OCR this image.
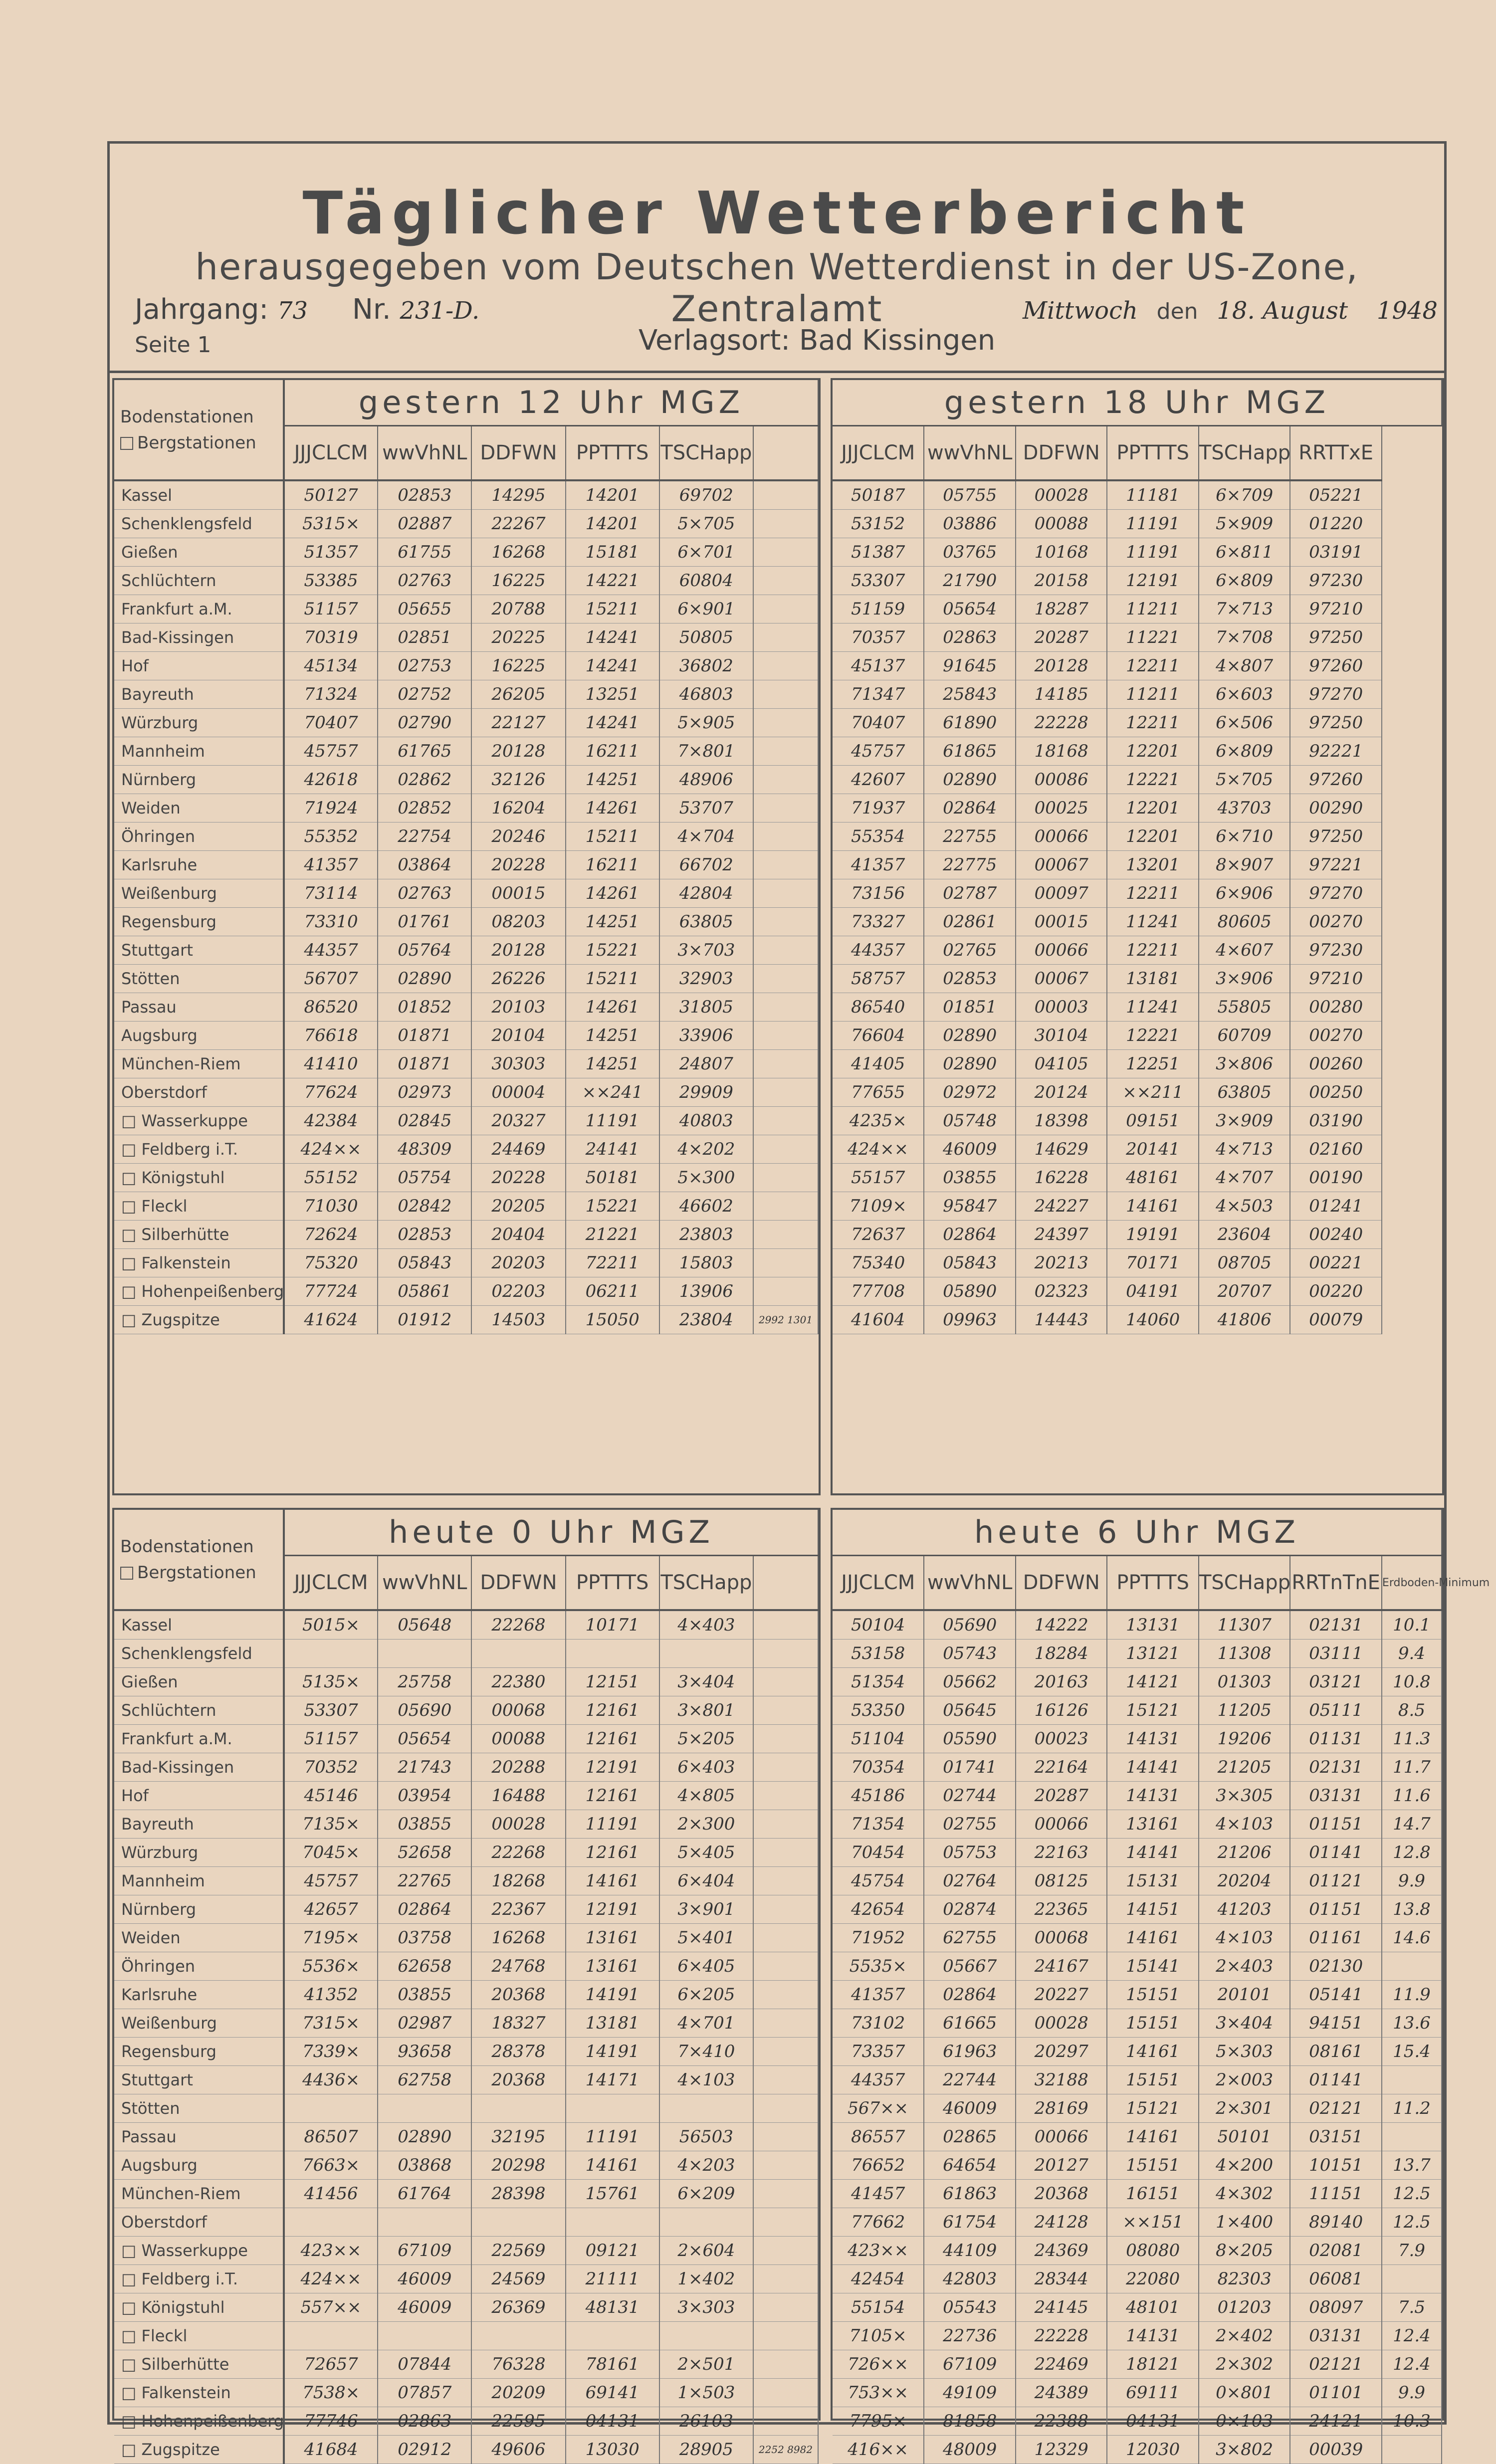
Täglicher Wetterbericht
herausgegeben vom Deutschen Wetterdienst in der US-Zone, Zentralamt
Jahrgang: 73 Nr. 231-D.	Mittwoch den 18. August 1948
Seite 1	Verlagsort: Bad Kissingen
Bodenstationen
Bergstationen	gestern 12 Uhr MGZ					
	JJJCLCM	wwVhNL	DDFWN	PPTTTS	TSCHapp	
Kassel	50127	02853	14295	14201	69702	
Schenklengsfeld	5315×	02887	22267	14201	5×705	
Gießen	51357	61755	16268	15181	6×701	
Schlüchtern	53385	02763	16225	14221	60804	
Frankfurt a.M.	51157	05655	20788	15211	6×901	
Bad-Kissingen	70319	02851	20225	14241	50805	
Hof	45134	02753	16225	14241	36802	
Bayreuth	71324	02752	26205	13251	46803	
Würzburg	70407	02790	22127	14241	5×905	
Mannheim	45757	61765	20128	16211	7×801	
Nürnberg	42618	02862	32126	14251	48906	
Weiden	71924	02852	16204	14261	53707	
Öhringen	55352	22754	20246	15211	4×704	
Karlsruhe	41357	03864	20228	16211	66702	
Weißenburg	73114	02763	00015	14261	42804	
Regensburg	73310	01761	08203	14251	63805	
Stuttgart	44357	05764	20128	15221	3×703	
Stötten	56707	02890	26226	15211	32903	
Passau	86520	01852	20103	14261	31805	
Augsburg	76618	01871	20104	14251	33906	
München-Riem	41410	01871	30303	14251	24807	
Oberstdorf	77624	02973	00004	××241	29909	
□ Wasserkuppe	42384	02845	20327	11191	40803	
□ Feldberg i.T.	424××	48309	24469	24141	4×202	
□ Königstuhl	55152	05754	20228	50181	5×300	
□ Fleckl	71030	02842	20205	15221	46602	
□ Silberhütte	72624	02853	20404	21221	23803	
□ Falkenstein	75320	05843	20203	72211	15803	
□ Hohenpeißenberg	77724	05861	02203	06211	13906	
□ Zugspitze	41624	01912	14503	15050	23804	2992 1301
gestern 18 Uhr MGZ					
JJJCLCM	wwVhNL	DDFWN	PPTTTS	TSCHapp	RRTTxE
50187	05755	00028	11181	6×709	05221
53152	03886	00088	11191	5×909	01220
51387	03765	10168	11191	6×811	03191
53307	21790	20158	12191	6×809	97230
51159	05654	18287	11211	7×713	97210
70357	02863	20287	11221	7×708	97250
45137	91645	20128	12211	4×807	97260
71347	25843	14185	11211	6×603	97270
70407	61890	22228	12211	6×506	97250
45757	61865	18168	12201	6×809	92221
42607	02890	00086	12221	5×705	97260
71937	02864	00025	12201	43703	00290
55354	22755	00066	12201	6×710	97250
41357	22775	00067	13201	8×907	97221
73156	02787	00097	12211	6×906	97270
73327	02861	00015	11241	80605	00270
44357	02765	00066	12211	4×607	97230
58757	02853	00067	13181	3×906	97210
86540	01851	00003	11241	55805	00280
76604	02890	30104	12221	60709	00270
41405	02890	04105	12251	3×806	00260
77655	02972	20124	××211	63805	00250
4235×	05748	18398	09151	3×909	03190
424××	46009	14629	20141	4×713	02160
55157	03855	16228	48161	4×707	00190
7109×	95847	24227	14161	4×503	01241
72637	02864	24397	19191	23604	00240
75340	05843	20213	70171	08705	00221
77708	05890	02323	04191	20707	00220
41604	09963	14443	14060	41806	00079
Bodenstationen
Bergstationen	heute 0 Uhr MGZ					
	JJJCLCM	wwVhNL	DDFWN	PPTTTS	TSCHapp	
Kassel	5015×	05648	22268	10171	4×403	
Schenklengsfeld						
Gießen	5135×	25758	22380	12151	3×404	
Schlüchtern	53307	05690	00068	12161	3×801	
Frankfurt a.M.	51157	05654	00088	12161	5×205	
Bad-Kissingen	70352	21743	20288	12191	6×403	
Hof	45146	03954	16488	12161	4×805	
Bayreuth	7135×	03855	00028	11191	2×300	
Würzburg	7045×	52658	22268	12161	5×405	
Mannheim	45757	22765	18268	14161	6×404	
Nürnberg	42657	02864	22367	12191	3×901	
Weiden	7195×	03758	16268	13161	5×401	
Öhringen	5536×	62658	24768	13161	6×405	
Karlsruhe	41352	03855	20368	14191	6×205	
Weißenburg	7315×	02987	18327	13181	4×701	
Regensburg	7339×	93658	28378	14191	7×410	
Stuttgart	4436×	62758	20368	14171	4×103	
Stötten						
Passau	86507	02890	32195	11191	56503	
Augsburg	7663×	03868	20298	14161	4×203	
München-Riem	41456	61764	28398	15761	6×209	
Oberstdorf						
□ Wasserkuppe	423××	67109	22569	09121	2×604	
□ Feldberg i.T.	424××	46009	24569	21111	1×402	
□ Königstuhl	557××	46009	26369	48131	3×303	
□ Fleckl						
□ Silberhütte	72657	07844	76328	78161	2×501	
□ Falkenstein	7538×	07857	20209	69141	1×503	
□ Hohenpeißenberg	77746	02863	22595	04131	26103	
□ Zugspitze	41684	02912	49606	13030	28905	2252 8982
heute 6 Uhr MGZ						
JJJCLCM	wwVhNL	DDFWN	PPTTTS	TSCHapp	RRTnTnE	Erdboden-Minimum
50104	05690	14222	13131	11307	02131	10.1
53158	05743	18284	13121	11308	03111	9.4
51354	05662	20163	14121	01303	03121	10.8
53350	05645	16126	15121	11205	05111	8.5
51104	05590	00023	14131	19206	01131	11.3
70354	01741	22164	14141	21205	02131	11.7
45186	02744	20287	14131	3×305	03131	11.6
71354	02755	00066	13161	4×103	01151	14.7
70454	05753	22163	14141	21206	01141	12.8
45754	02764	08125	15131	20204	01121	9.9
42654	02874	22365	14151	41203	01151	13.8
71952	62755	00068	14161	4×103	01161	14.6
5535×	05667	24167	15141	2×403	02130	
41357	02864	20227	15151	20101	05141	11.9
73102	61665	00028	15151	3×404	94151	13.6
73357	61963	20297	14161	5×303	08161	15.4
44357	22744	32188	15151	2×003	01141	
567××	46009	28169	15121	2×301	02121	11.2
86557	02865	00066	14161	50101	03151	
76652	64654	20127	15151	4×200	10151	13.7
41457	61863	20368	16151	4×302	11151	12.5
77662	61754	24128	××151	1×400	89140	12.5
423××	44109	24369	08080	8×205	02081	7.9
42454	42803	28344	22080	82303	06081	
55154	05543	24145	48101	01203	08097	7.5
7105×	22736	22228	14131	2×402	03131	12.4
726××	67109	22469	18121	2×302	02121	12.4
753××	49109	24389	69111	0×801	01101	9.9
7795×	81858	22388	04131	0×103	24121	10.3
416××	48009	12329	12030	3×802	00039	
